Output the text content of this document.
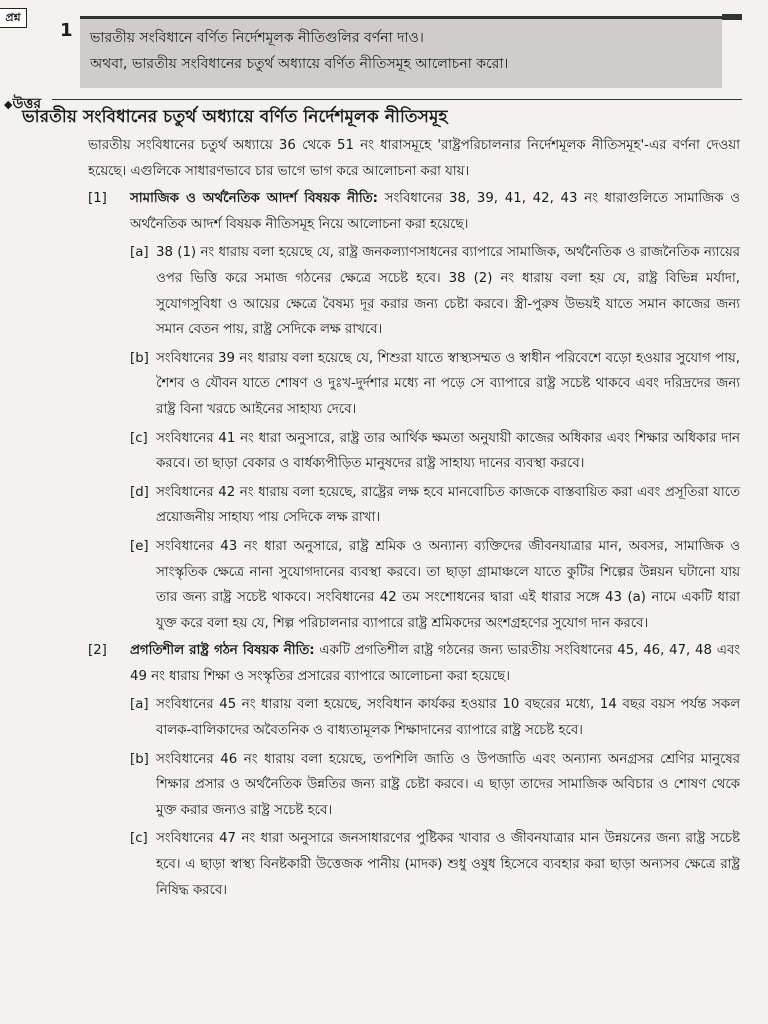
প্রশ্ন
1 ভারতীয় সংবিধানে বর্ণিত নির্দেশমূলক নীতিগুলির বর্ণনা দাও।
অথবা, ভারতীয় সংবিধানের চতুর্থ অধ্যায়ে বর্ণিত নীতিসমূহ আলোচনা করো।
◆উত্তর
ভারতীয় সংবিধানের চতুর্থ অধ্যায়ে বর্ণিত নির্দেশমূলক নীতিসমূহ

ভারতীয় সংবিধানের চতুর্থ অধ্যায়ে 36 থেকে 51 নং ধারাসমূহে 'রাষ্ট্রপরিচালনার নির্দেশমূলক নীতিসমূহ'-এর বর্ণনা দেওয়া হয়েছে। এগুলিকে সাধারণভাবে চার ভাগে ভাগ করে আলোচনা করা যায়।

[1] সামাজিক ও অর্থনৈতিক আদর্শ বিষয়ক নীতি: সংবিধানের 38, 39, 41, 42, 43 নং ধারাগুলিতে সামাজিক ও অর্থনৈতিক আদর্শ বিষয়ক নীতিসমূহ নিয়ে আলোচনা করা হয়েছে।

[a] 38 (1) নং ধারায় বলা হয়েছে যে, রাষ্ট্র জনকল্যাণসাধনের ব্যাপারে সামাজিক, অর্থনৈতিক ও রাজনৈতিক ন্যায়ের ওপর ভিত্তি করে সমাজ গঠনের ক্ষেত্রে সচেষ্ট হবে। 38 (2) নং ধারায় বলা হয় যে, রাষ্ট্র বিভিন্ন মর্যাদা, সুযোগসুবিধা ও আয়ের ক্ষেত্রে বৈষম্য দূর করার জন্য চেষ্টা করবে। স্ত্রী-পুরুষ উভয়ই যাতে সমান কাজের জন্য সমান বেতন পায়, রাষ্ট্র সেদিকে লক্ষ রাখবে।

[b] সংবিধানের 39 নং ধারায় বলা হয়েছে যে, শিশুরা যাতে স্বাস্থ্যসম্মত ও স্বাধীন পরিবেশে বড়ো হওয়ার সুযোগ পায়, শৈশব ও যৌবন যাতে শোষণ ও দুঃখ-দুর্দশার মধ্যে না পড়ে সে ব্যাপারে রাষ্ট্র সচেষ্ট থাকবে এবং দরিদ্রদের জন্য রাষ্ট্র বিনা খরচে আইনের সাহায্য দেবে।

[c] সংবিধানের 41 নং ধারা অনুসারে, রাষ্ট্র তার আর্থিক ক্ষমতা অনুযায়ী কাজের অধিকার এবং শিক্ষার অধিকার দান করবে। তা ছাড়া বেকার ও বার্ধক্যপীড়িত মানুষদের রাষ্ট্র সাহায্য দানের ব্যবস্থা করবে।

[d] সংবিধানের 42 নং ধারায় বলা হয়েছে, রাষ্ট্রের লক্ষ হবে মানবোচিত কাজকে বাস্তবায়িত করা এবং প্রসূতিরা যাতে প্রয়োজনীয় সাহায্য পায় সেদিকে লক্ষ রাখা।

[e] সংবিধানের 43 নং ধারা অনুসারে, রাষ্ট্র শ্রমিক ও অন্যান্য ব্যক্তিদের জীবনযাত্রার মান, অবসর, সামাজিক ও সাংস্কৃতিক ক্ষেত্রে নানা সুযোগদানের ব্যবস্থা করবে। তা ছাড়া গ্রামাঞ্চলে যাতে কুটির শিল্পের উন্নয়ন ঘটানো যায় তার জন্য রাষ্ট্র সচেষ্ট থাকবে। সংবিধানের 42 তম সংশোধনের দ্বারা এই ধারার সঙ্গে 43 (a) নামে একটি ধারা যুক্ত করে বলা হয় যে, শিল্প পরিচালনার ব্যাপারে রাষ্ট্র শ্রমিকদের অংশগ্রহণের সুযোগ দান করবে।

[2] প্রগতিশীল রাষ্ট্র গঠন বিষয়ক নীতি: একটি প্রগতিশীল রাষ্ট্র গঠনের জন্য ভারতীয় সংবিধানের 45, 46, 47, 48 এবং 49 নং ধারায় শিক্ষা ও সংস্কৃতির প্রসারের ব্যাপারে আলোচনা করা হয়েছে।

[a] সংবিধানের 45 নং ধারায় বলা হয়েছে, সংবিধান কার্যকর হওয়ার 10 বছরের মধ্যে, 14 বছর বয়স পর্যন্ত সকল বালক-বালিকাদের অবৈতনিক ও বাধ্যতামূলক শিক্ষাদানের ব্যাপারে রাষ্ট্র সচেষ্ট হবে।

[b] সংবিধানের 46 নং ধারায় বলা হয়েছে, তপশিলি জাতি ও উপজাতি এবং অন্যান্য অনগ্রসর শ্রেণির মানুষের শিক্ষার প্রসার ও অর্থনৈতিক উন্নতির জন্য রাষ্ট্র চেষ্টা করবে। এ ছাড়া তাদের সামাজিক অবিচার ও শোষণ থেকে মুক্ত করার জন্যও রাষ্ট্র সচেষ্ট হবে।

[c] সংবিধানের 47 নং ধারা অনুসারে জনসাধারণের পুষ্টিকর খাবার ও জীবনযাত্রার মান উন্নয়নের জন্য রাষ্ট্র সচেষ্ট হবে। এ ছাড়া স্বাস্থ্য বিনষ্টকারী উত্তেজক পানীয় (মাদক) শুধু ওষুধ হিসেবে ব্যবহার করা ছাড়া অন্যসব ক্ষেত্রে রাষ্ট্র নিষিদ্ধ করবে।
